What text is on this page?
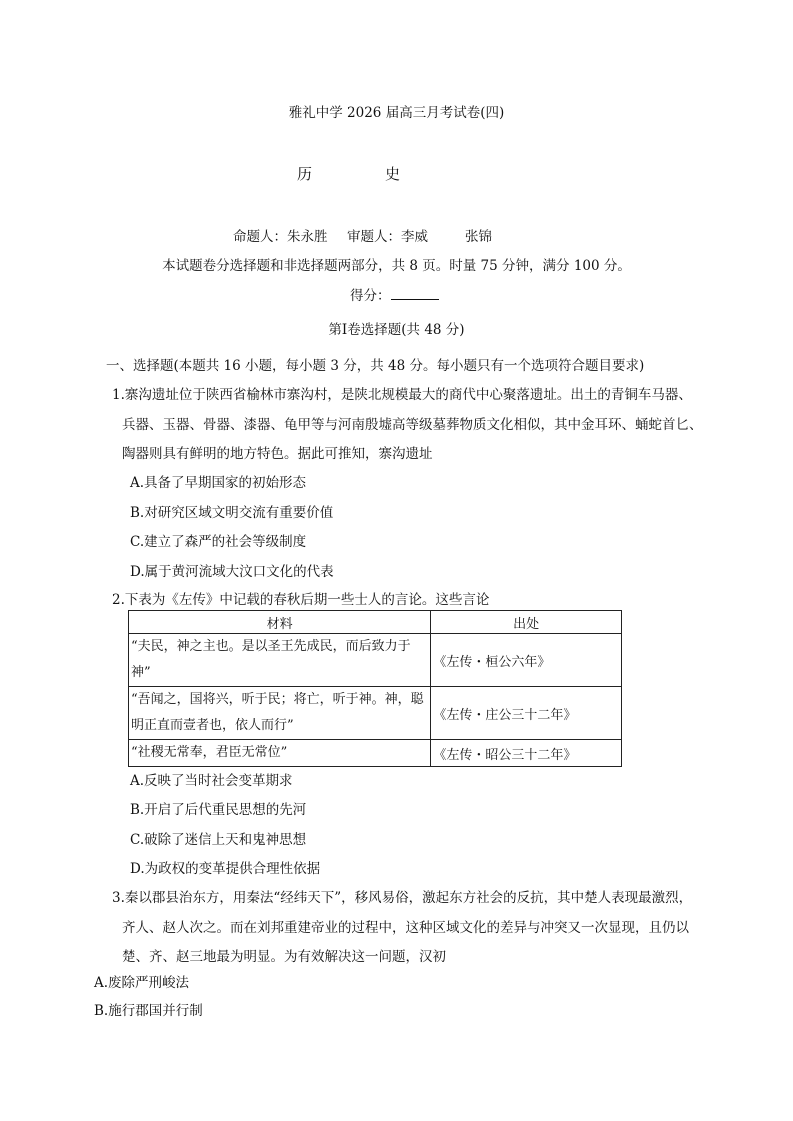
雅礼中学 2026 届高三月考试卷(四)
历	史
命题人：朱永胜 审题人：李威	张锦
本试题卷分选择题和非选择题两部分，共 8 页。时量 75 分钟，满分 100 分。
得分：
第Ⅰ卷选择题(共 48 分)
一、选择题(本题共 16 小题，每小题 3 分，共 48 分。每小题只有一个选项符合题目要求)
1.寨沟遗址位于陕西省榆林市寨沟村，是陕北规模最大的商代中心聚落遗址。出土的青铜车马器、
兵器、玉器、骨器、漆器、龟甲等与河南殷墟高等级墓葬物质文化相似，其中金耳环、蛹蛇首匕、
陶器则具有鲜明的地方特色。据此可推知，寨沟遗址
A.具备了早期国家的初始形态
B.对研究区域文明交流有重要价值
C.建立了森严的社会等级制度
D.属于黄河流域大汶口文化的代表
2.下表为《左传》中记载的春秋后期一些士人的言论。这些言论
材料	出处
“夫民，神之主也。是以圣王先成民，而后致力于神”	《左传・桓公六年》
“吾闻之，国将兴，听于民；将亡，听于神。神，聪明正直而壹者也，依人而行”	《左传・庄公三十二年》
“社稷无常奉，君臣无常位”	《左传・昭公三十二年》
A.反映了当时社会变革期求
B.开启了后代重民思想的先河
C.破除了迷信上天和鬼神思想
D.为政权的变革提供合理性依据
3.秦以郡县治东方，用秦法“经纬天下”，移风易俗，激起东方社会的反抗，其中楚人表现最激烈，
齐人、赵人次之。而在刘邦重建帝业的过程中，这种区域文化的差异与冲突又一次显现，且仍以
楚、齐、赵三地最为明显。为有效解决这一问题，汉初
A.废除严刑峻法
B.施行郡国并行制
